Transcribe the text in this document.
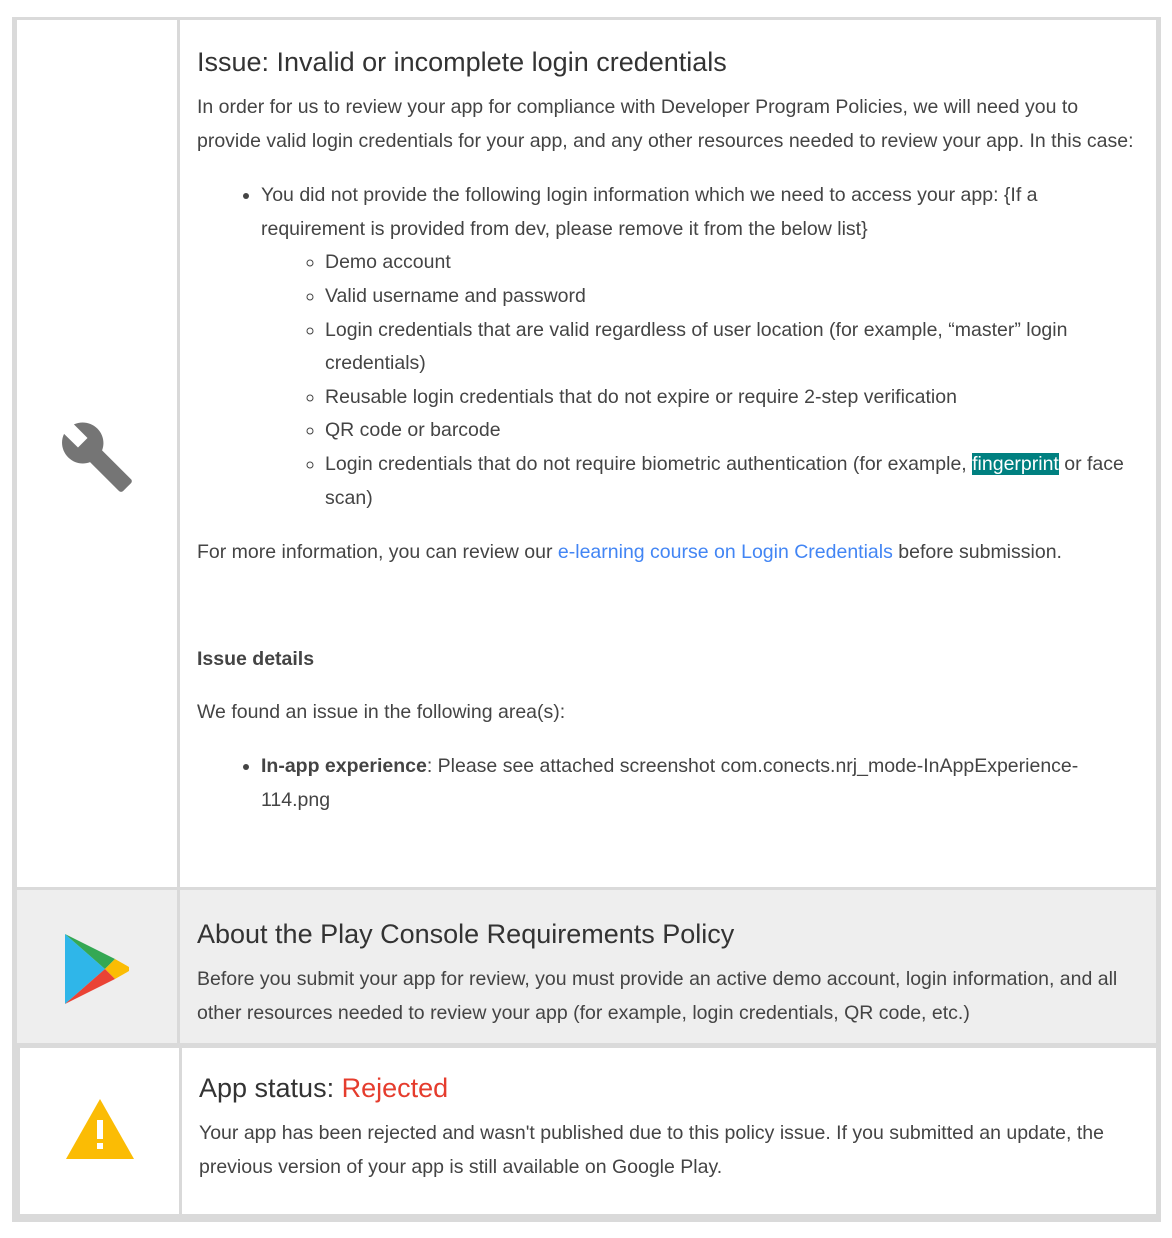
Issue: Invalid or incomplete login credentials

In order for us to review your app for compliance with Developer Program Policies, we will need you to provide valid login credentials for your app, and any other resources needed to review your app. In this case:

• You did not provide the following login information which we need to access your app: {If a requirement is provided from dev, please remove it from the below list}
◦ Demo account
◦ Valid username and password
◦ Login credentials that are valid regardless of user location (for example, “master” login credentials)
◦ Reusable login credentials that do not expire or require 2-step verification
◦ QR code or barcode
◦ Login credentials that do not require biometric authentication (for example, fingerprint or face scan)

For more information, you can review our e-learning course on Login Credentials before submission.

Issue details

We found an issue in the following area(s):

• In-app experience: Please see attached screenshot com.conects.nrj_mode-InAppExperience-114.png
About the Play Console Requirements Policy

Before you submit your app for review, you must provide an active demo account, login information, and all other resources needed to review your app (for example, login credentials, QR code, etc.)

App status: Rejected

Your app has been rejected and wasn't published due to this policy issue. If you submitted an update, the previous version of your app is still available on Google Play.
